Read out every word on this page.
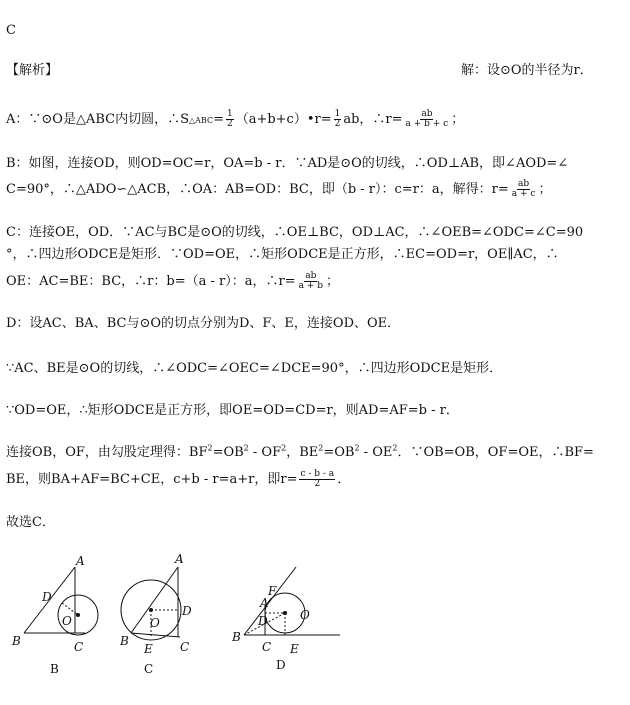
C
【解析】	解：设⊙O的半径为r．
A：∵⊙O是△ABC内切圆，∴S△ABC= $\frac{1}{2}$ （a+b+c）•r= $\frac{1}{2}$ ab，∴r= $\frac{ab}{a + b + c}$ ；
B：如图，连接OD，则OD=OC=r，OA=b - r．∵AD是⊙O的切线，∴OD⊥AB，即∠AOD=∠
C=90°，∴△ADO∽△ACB，∴OA：AB=OD：BC，即（b - r）：c=r：a，解得：$r= \frac{ab}{a + c}$ ；
C：连接OE，OD．∵AC与BC是⊙O的切线，∴OE⊥BC，OD⊥AC，∴∠OEB=∠ODC=∠C=90
°，∴四边形ODCE是矩形．∵OD=OE，∴矩形ODCE是正方形，∴EC=OD=r，OE∥AC，∴
OE：AC=BE：BC，∴r：b=（a - r）：a，∴r= $\frac{ab}{a + b}$ ；
D：设AC、BA、BC与⊙O的切点分别为D、F、E，连接OD、OE．
∵AC、BE是⊙O的切线，∴∠ODC=∠OEC=∠DCE=90°，∴四边形ODCE是矩形．
∵OD=OE，∴矩形ODCE是正方形，即OE=OD=CD=r，则AD=AF=b - r．
连接OB，OF，由勾股定理得：$BF^2=OB^2 - OF^2$，$BE^2=OB^2 - OE^2$．∵OB=OB，OF=OE，∴BF=
BE，则BA+AF=BC+CE，c+b - r=a+r，即$r= \frac{c - b - a}{2}$ ．
故选C．
A
D
O
B	C
B
A
O
D
B
E C
C
F
A
D	O
B
C E
D
